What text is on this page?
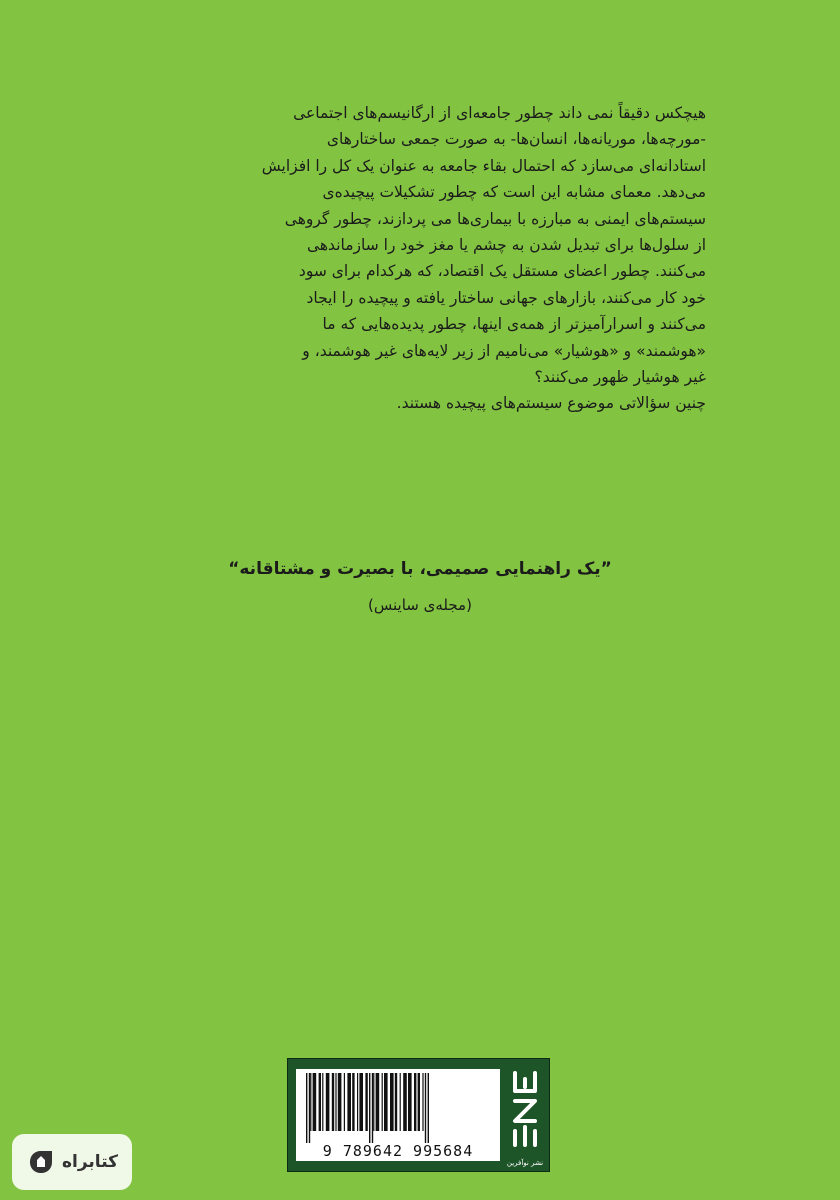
هیچکس دقیقاً نمی داند چطور جامعه‌ای از ارگانیسم‌های اجتماعی
-مورچه‌ها، موریانه‌ها، انسان‌ها- به صورت جمعی ساختارهای
استادانه‌ای می‌سازد که احتمال بقاء جامعه به عنوان یک کل را افزایش
می‌دهد. معمای مشابه این است که چطور تشکیلات پیچیده‌ی
سیستم‌های ایمنی به مبارزه با بیماری‌ها می پردازند، چطور گروهی
از سلول‌ها برای تبدیل شدن به چشم یا مغز خود را سازماندهی
می‌کنند. چطور اعضای مستقل یک اقتصاد، که هرکدام برای سود
خود کار می‌کنند، بازارهای جهانی ساختار یافته و پیچیده را ایجاد
می‌کنند و اسرارآمیزتر از همه‌ی اینها، چطور پدیده‌هایی که ما
«هوشمند» و «هوشیار» می‌نامیم از زیر لایه‌های غیر هوشمند، و
غیر هوشیار ظهور می‌کنند؟
چنین سؤالاتی موضوع سیستم‌های پیچیده هستند.
”یک راهنمایی صمیمی، با بصیرت و مشتاقانه“
(مجله‌ی ساینس)
9 789642 995684
نشر نوآفرین
کتابراه
